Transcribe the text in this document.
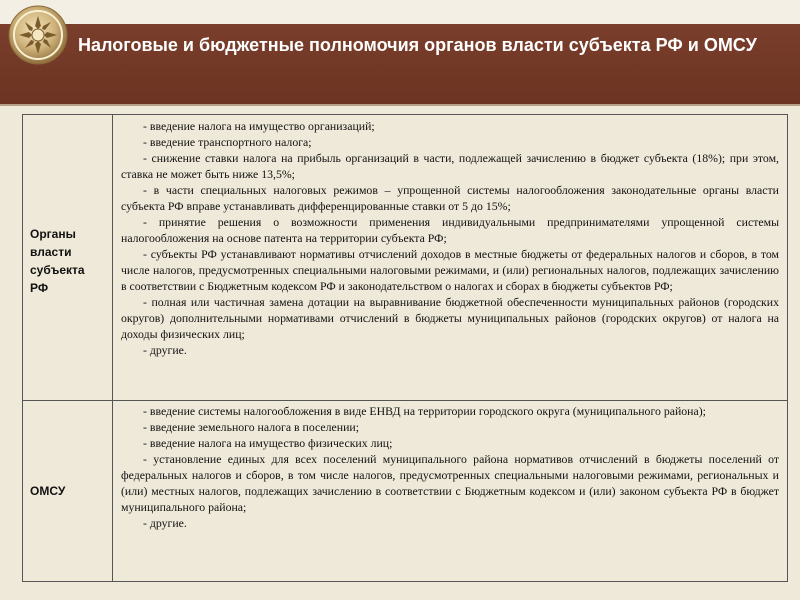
Налоговые и бюджетные полномочия органов власти субъекта РФ и ОМСУ
Органы
власти
субъекта
РФ

- введение налога на имущество организаций;

- введение транспортного налога;

- снижение ставки налога на прибыль организаций в части, подлежащей зачислению в бюджет субъекта (18%); при этом, ставка не может быть ниже 13,5%;

- в части специальных налоговых режимов – упрощенной системы налогообложения законодательные органы власти субъекта РФ вправе устанавливать дифференцированные ставки от 5 до 15%;

- принятие решения о возможности применения индивидуальными предпринимателями упрощенной системы налогообложения на основе патента на территории субъекта РФ;

- субъекты РФ устанавливают нормативы отчислений доходов в местные бюджеты от федеральных налогов и сборов, в том числе налогов, предусмотренных специальными налоговыми режимами, и (или) региональных налогов, подлежащих зачислению в соответствии с Бюджетным кодексом РФ и законодательством о налогах и сборах в бюджеты субъектов РФ;

- полная или частичная замена дотации на выравнивание бюджетной обеспеченности муниципальных районов (городских округов) дополнительными нормативами отчислений в бюджеты муниципальных районов (городских округов) от налога на доходы физических лиц;

- другие.

ОМСУ

- введение системы налогообложения в виде ЕНВД на территории городского округа (муниципального района);

- введение земельного налога в поселении;

- введение налога на имущество физических лиц;

- установление единых для всех поселений муниципального района нормативов отчислений в бюджеты поселений от федеральных налогов и сборов, в том числе налогов, предусмотренных специальными налоговыми режимами, региональных и (или) местных налогов, подлежащих зачислению в соответствии с Бюджетным кодексом и (или) законом субъекта РФ в бюджет муниципального района;

- другие.
